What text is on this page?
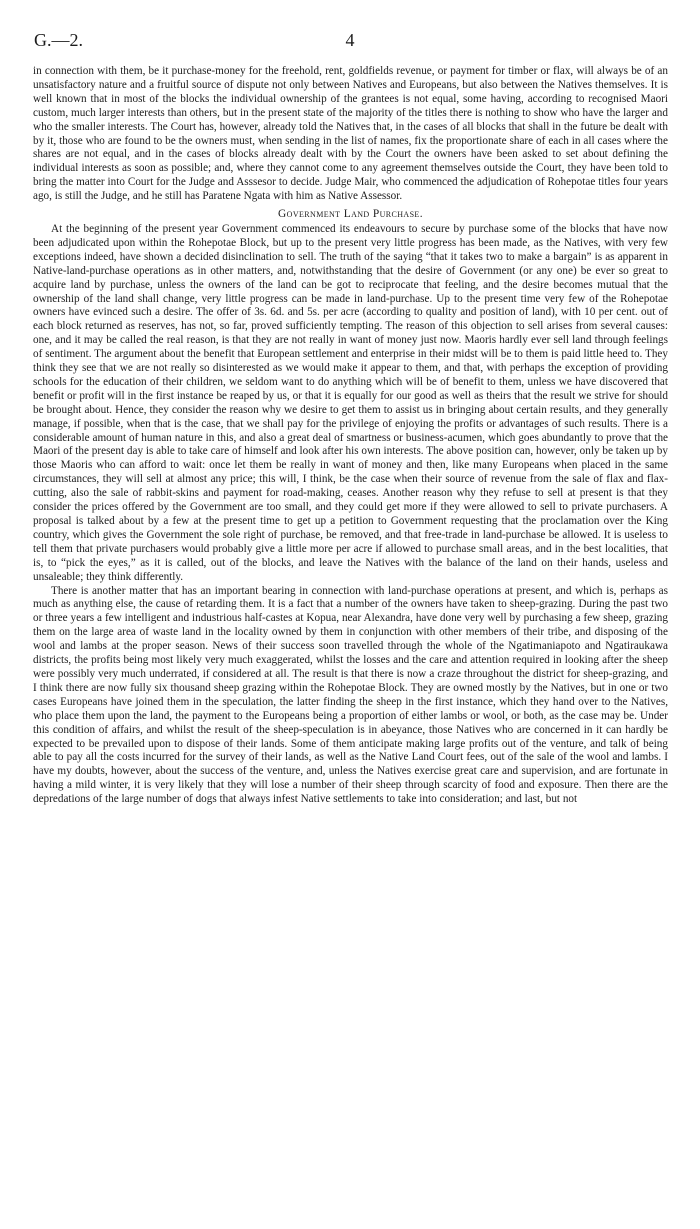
G.—2.	4

in connection with them, be it purchase-money for the freehold, rent, goldfields revenue, or payment for timber or flax, will always be of an unsatisfactory nature and a fruitful source of dispute not only between Natives and Europeans, but also between the Natives themselves. It is well known that in most of the blocks the individual ownership of the grantees is not equal, some having, according to recognised Maori custom, much larger interests than others, but in the present state of the majority of the titles there is nothing to show who have the larger and who the smaller interests. The Court has, however, already told the Natives that, in the cases of all blocks that shall in the future be dealt with by it, those who are found to be the owners must, when sending in the list of names, fix the proportionate share of each in all cases where the shares are not equal, and in the cases of blocks already dealt with by the Court the owners have been asked to set about defining the individual interests as soon as possible; and, where they cannot come to any agreement themselves outside the Court, they have been told to bring the matter into Court for the Judge and Asssesor to decide. Judge Mair, who commenced the adjudication of Rohepotae titles four years ago, is still the Judge, and he still has Paratene Ngata with him as Native Assessor.

Government Land Purchase.

At the beginning of the present year Government commenced its endeavours to secure by purchase some of the blocks that have now been adjudicated upon within the Rohepotae Block, but up to the present very little progress has been made, as the Natives, with very few exceptions indeed, have shown a decided disinclination to sell. The truth of the saying “that it takes two to make a bargain” is as apparent in Native-land-purchase operations as in other matters, and, notwithstanding that the desire of Government (or any one) be ever so great to acquire land by purchase, unless the owners of the land can be got to reciprocate that feeling, and the desire becomes mutual that the ownership of the land shall change, very little progress can be made in land-purchase. Up to the present time very few of the Rohepotae owners have evinced such a desire. The offer of 3s. 6d. and 5s. per acre (according to quality and position of land), with 10 per cent. out of each block returned as reserves, has not, so far, proved sufficiently tempting. The reason of this objection to sell arises from several causes: one, and it may be called the real reason, is that they are not really in want of money just now. Maoris hardly ever sell land through feelings of sentiment. The argument about the benefit that European settlement and enterprise in their midst will be to them is paid little heed to. They think they see that we are not really so disinterested as we would make it appear to them, and that, with perhaps the exception of providing schools for the education of their children, we seldom want to do anything which will be of benefit to them, unless we have discovered that benefit or profit will in the first instance be reaped by us, or that it is equally for our good as well as theirs that the result we strive for should be brought about. Hence, they consider the reason why we desire to get them to assist us in bringing about certain results, and they generally manage, if possible, when that is the case, that we shall pay for the privilege of enjoying the profits or advantages of such results. There is a considerable amount of human nature in this, and also a great deal of smartness or business-acumen, which goes abundantly to prove that the Maori of the present day is able to take care of himself and look after his own interests. The above position can, however, only be taken up by those Maoris who can afford to wait: once let them be really in want of money and then, like many Europeans when placed in the same circumstances, they will sell at almost any price; this will, I think, be the case when their source of revenue from the sale of flax and flax-cutting, also the sale of rabbit-skins and payment for road-making, ceases. Another reason why they refuse to sell at present is that they consider the prices offered by the Government are too small, and they could get more if they were allowed to sell to private purchasers. A proposal is talked about by a few at the present time to get up a petition to Government requesting that the proclamation over the King country, which gives the Government the sole right of purchase, be removed, and that free-trade in land-purchase be allowed. It is useless to tell them that private purchasers would probably give a little more per acre if allowed to purchase small areas, and in the best localities, that is, to “pick the eyes,” as it is called, out of the blocks, and leave the Natives with the balance of the land on their hands, useless and unsaleable; they think differently.

There is another matter that has an important bearing in connection with land-purchase operations at present, and which is, perhaps as much as anything else, the cause of retarding them. It is a fact that a number of the owners have taken to sheep-grazing. During the past two or three years a few intelligent and industrious half-castes at Kopua, near Alexandra, have done very well by purchasing a few sheep, grazing them on the large area of waste land in the locality owned by them in conjunction with other members of their tribe, and disposing of the wool and lambs at the proper season. News of their success soon travelled through the whole of the Ngatimaniapoto and Ngatiraukawa districts, the profits being most likely very much exaggerated, whilst the losses and the care and attention required in looking after the sheep were possibly very much underrated, if considered at all. The result is that there is now a craze throughout the district for sheep-grazing, and I think there are now fully six thousand sheep grazing within the Rohepotae Block. They are owned mostly by the Natives, but in one or two cases Europeans have joined them in the speculation, the latter finding the sheep in the first instance, which they hand over to the Natives, who place them upon the land, the payment to the Europeans being a proportion of either lambs or wool, or both, as the case may be. Under this condition of affairs, and whilst the result of the sheep-speculation is in abeyance, those Natives who are concerned in it can hardly be expected to be prevailed upon to dispose of their lands. Some of them anticipate making large profits out of the venture, and talk of being able to pay all the costs incurred for the survey of their lands, as well as the Native Land Court fees, out of the sale of the wool and lambs. I have my doubts, however, about the success of the venture, and, unless the Natives exercise great care and supervision, and are fortunate in having a mild winter, it is very likely that they will lose a number of their sheep through scarcity of food and exposure. Then there are the depredations of the large number of dogs that always infest Native settlements to take into consideration; and last, but not
